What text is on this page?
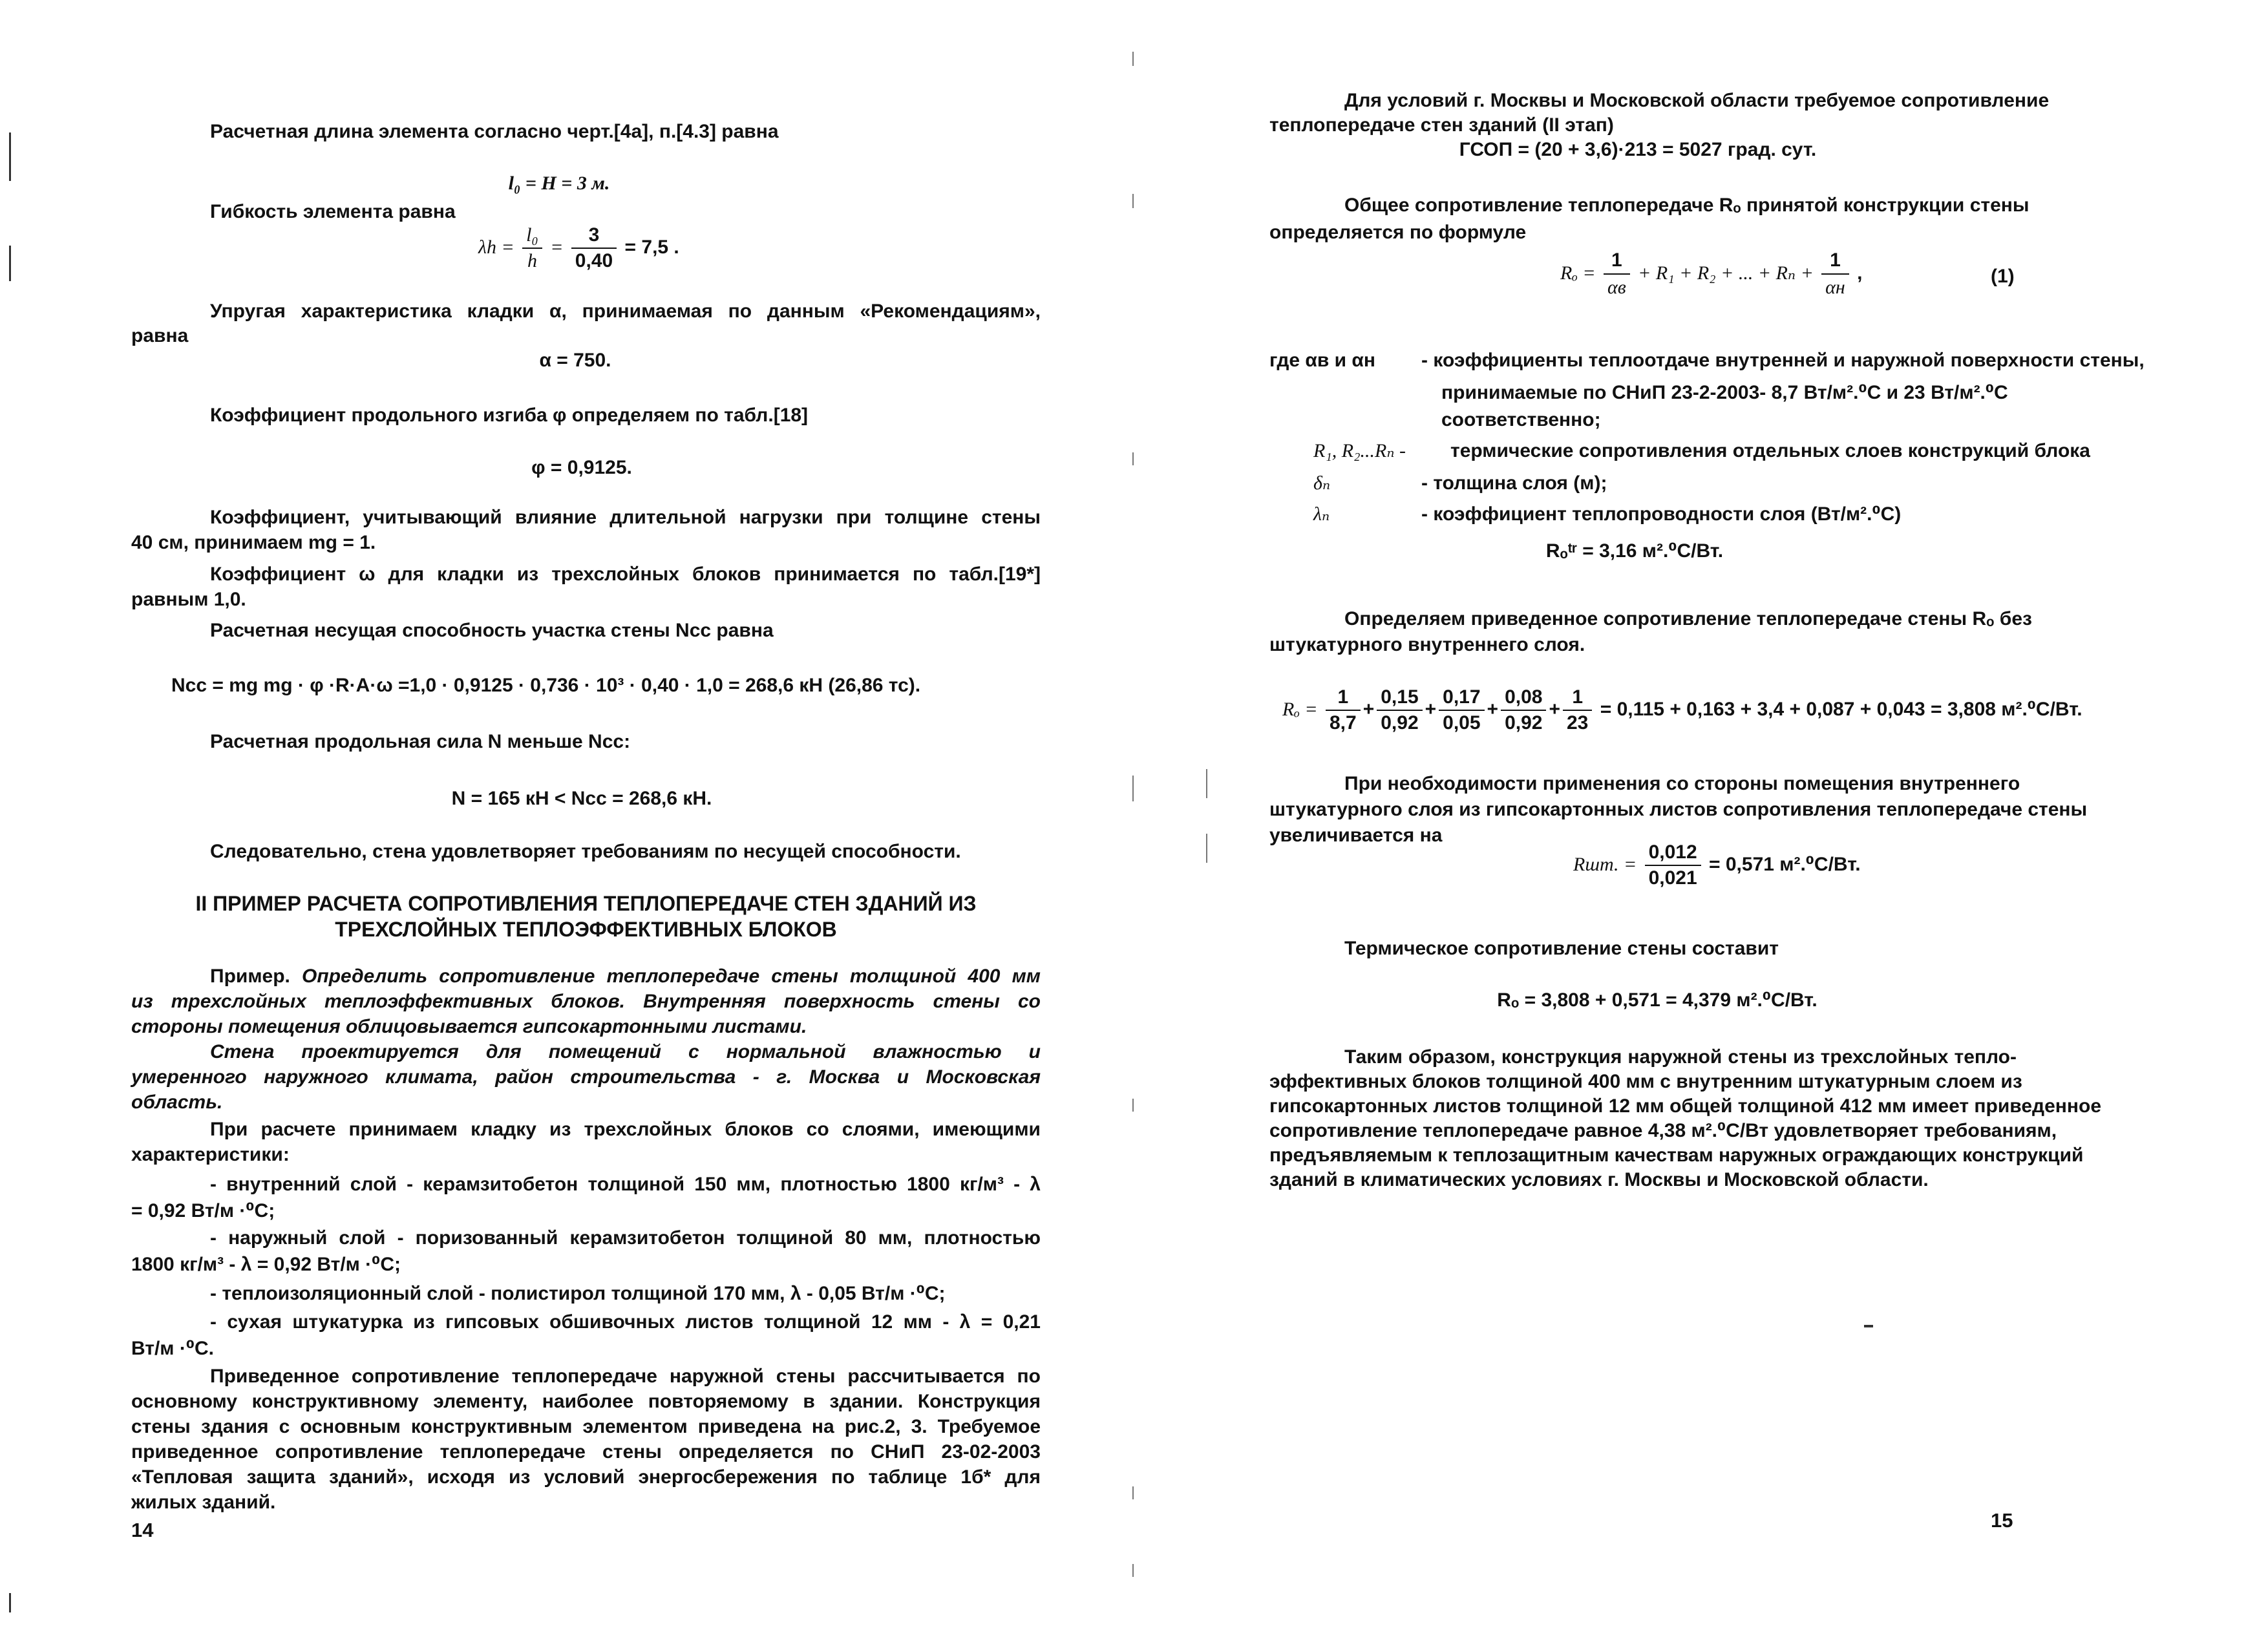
Расчетная длина элемента согласно черт.[4а], п.[4.3] равна
l₀ = H = 3 м.
Гибкость элемента равна
$\lambda h = \frac{\text{l₀}}{h} = \frac{3}{0,40} = 7,5$ .
Упругая характеристика кладки α, принимаемая по данным «Рекомендациям»,
равна
α = 750.
Коэффициент продольного изгиба φ определяем по табл.[18]
φ = 0,9125.
Коэффициент, учитывающий влияние длительной нагрузки при толщине стены
40 см, принимаем mg = 1.
Коэффициент ω для кладки из трехслойных блоков принимается по табл.[19*]
равным 1,0.
Расчетная несущая способность участка стены Ncc равна
Ncc = mg mg · φ ·R·A·ω =1,0 · 0,9125 · 0,736 · 10³ · 0,40 · 1,0 = 268,6 кН (26,86 тс).
Расчетная продольная сила N меньше Ncc:
N = 165 кН < Ncc = 268,6 кН.
Следовательно, стена удовлетворяет требованиям по несущей способности.
II ПРИМЕР РАСЧЕТА СОПРОТИВЛЕНИЯ ТЕПЛОПЕРЕДАЧЕ СТЕН ЗДАНИЙ ИЗ
ТРЕХСЛОЙНЫХ ТЕПЛОЭФФЕКТИВНЫХ БЛОКОВ
Пример. Определить сопротивление теплопередаче стены толщиной 400 мм
из трехслойных теплоэффективных блоков. Внутренняя поверхность стены со
стороны помещения облицовывается гипсокартонными листами.
Стена проектируется для помещений с нормальной влажностью и
умеренного наружного климата, район строительства - г. Москва и Московская
область.
При расчете принимаем кладку из трехслойных блоков со слоями, имеющими
характеристики:
- внутренний слой - керамзитобетон толщиной 150 мм, плотностью 1800 кг/м³ - λ
= 0,92 Вт/м ·⁰С;
- наружный слой - поризованный керамзитобетон толщиной 80 мм, плотностью
1800 кг/м³ - λ = 0,92 Вт/м ·⁰С;
- теплоизоляционный слой - полистирол толщиной 170 мм, λ - 0,05 Вт/м ·⁰С;
- сухая штукатурка из гипсовых обшивочных листов толщиной 12 мм - λ = 0,21
Вт/м ·⁰С.
Приведенное сопротивление теплопередаче наружной стены рассчитывается по
основному конструктивному элементу, наиболее повторяемому в здании. Конструкция
стены здания с основным конструктивным элементом приведена на рис.2, 3. Требуемое
приведенное сопротивление теплопередаче стены определяется по СНиП 23-02-2003
«Тепловая защита зданий», исходя из условий энергосбережения по таблице 1б* для
жилых зданий.
14
Для условий г. Москвы и Московской области требуемое сопротивление
теплопередаче стен зданий (II этап)
ГСОП = (20 + 3,6)·213 = 5027 град. сут.
Общее сопротивление теплопередаче Rₒ принятой конструкции стены
определяется по формуле
$R_o = \frac{1}{\alpha в} + R_1 + R_2$ + ... + $R_n + \frac{1}{\alpha н}$ ,	(1)
где αв и αн - коэффициенты теплоотдаче внутренней и наружной поверхности стены,
принимаемые по СНиП 23-2-2003- 8,7 Вт/м².⁰С и 23 Вт/м².⁰С
соответственно;
R₁, R₂...Rₙ - термические сопротивления отдельных слоев конструкций блока
δₙ	- толщина слоя (м);
λₙ	- коэффициент теплопроводности слоя (Вт/м².⁰С)
Rₒᵗʳ = 3,16 м².⁰С/Вт.
Определяем приведенное сопротивление теплопередаче стены Rₒ без
штукатурного внутреннего слоя.
$R_o = \frac{1}{8,7} + \frac{0,15}{0,92} + \frac{0,17}{0,05} + \frac{0,08}{0,92} + \frac{1}{23} = 0,115 + 0,163 + 3,4 + 0,087 + 0,043 = 3,808$ м².⁰С/Вт.
При необходимости применения со стороны помещения внутреннего
штукатурного слоя из гипсокартонных листов сопротивления теплопередаче стены
увеличивается на
Rшт. = $\frac{0,012}{0,021} = 0,571$ м².⁰С/Вт.
Термическое сопротивление стены составит
Rₒ = 3,808 + 0,571 = 4,379 м².⁰С/Вт.
Таким образом, конструкция наружной стены из трехслойных тепло-
эффективных блоков толщиной 400 мм с внутренним штукатурным слоем из
гипсокартонных листов толщиной 12 мм общей толщиной 412 мм имеет приведенное
сопротивление теплопередаче равное 4,38 м².⁰С/Вт удовлетворяет требованиям,
предъявляемым к теплозащитным качествам наружных ограждающих конструкций
зданий в климатических условиях г. Москвы и Московской области.
15
